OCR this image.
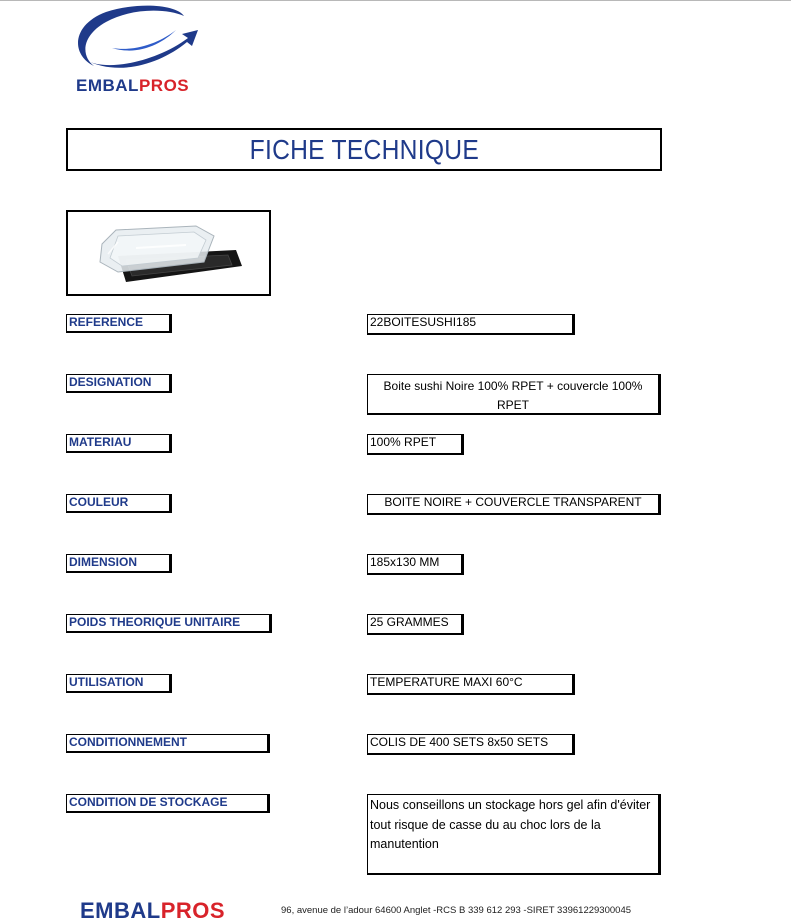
EMBALPROS
FICHE TECHNIQUE
REFERENCE	22BOITESUSHI185
DESIGNATION	Boite sushi Noire 100% RPET + couvercle 100% RPET
MATERIAU	100% RPET
COULEUR	BOITE NOIRE + COUVERCLE TRANSPARENT
DIMENSION	185x130 MM
POIDS THEORIQUE UNITAIRE	25 GRAMMES
UTILISATION	TEMPERATURE MAXI 60°C
CONDITIONNEMENT	COLIS DE 400 SETS 8x50 SETS
CONDITION DE STOCKAGE	Nous conseillons un stockage hors gel afin d'éviter tout risque de casse du au choc lors de la manutention
EMBALPROS	96, avenue de l’adour 64600 Anglet -RCS B 339 612 293 -SIRET 33961229300045
